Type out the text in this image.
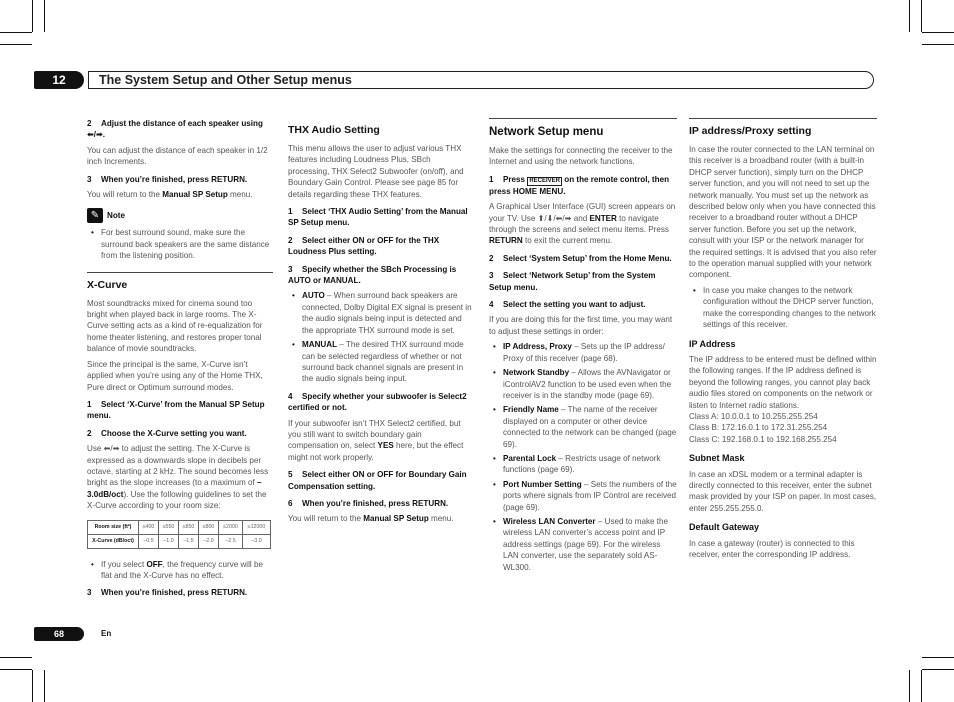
12	The System Setup and Other Setup menus

2 Adjust the distance of each speaker using ⬅/➡.

You can adjust the distance of each speaker in 1/2 inch Increments.

3 When you’re finished, press RETURN.

You will return to the Manual SP Setup menu.

✎ Note
• For best surround sound, make sure the surround back speakers are the same distance from the listening position.

X-Curve

Most soundtracks mixed for cinema sound too bright when played back in large rooms. The X-Curve setting acts as a kind of re-equalization for home theater listening, and restores proper tonal balance of movie soundtracks.

Since the principal is the same, X-Curve isn’t applied when you’re using any of the Home THX, Pure direct or Optimum surround modes.

1 Select ‘X-Curve’ from the Manual SP Setup menu.

2 Choose the X-Curve setting you want.

Use ⬅/➡ to adjust the setting. The X-Curve is expressed as a downwards slope in decibels per octave, starting at 2 kHz. The sound becomes less bright as the slope increases (to a maximum of –3.0dB/oct). Use the following guidelines to set the X-Curve according to your room size:

Room size (ft²)	≤400	≤550	≤850	≤800	≤2000	≤12000
X-Curve (dB/oct)	–0.5	–1.0	–1.5	–2.0	–2.5	–3.0
• If you select OFF, the frequency curve will be flat and the X-Curve has no effect.

3 When you’re finished, press RETURN.

THX Audio Setting

This menu allows the user to adjust various THX features including Loudness Plus, SBch processing, THX Select2 Subwoofer (on/off), and Boundary Gain Control. Please see page 85 for details regarding these THX features.

1 Select ‘THX Audio Setting’ from the Manual SP Setup menu.

2 Select either ON or OFF for the THX Loudness Plus setting.

3 Specify whether the SBch Processing is AUTO or MANUAL.

• AUTO – When surround back speakers are connected, Dolby Digital EX signal is present in the audio signals being input is detected and the appropriate THX surround mode is set.
• MANUAL – The desired THX surround mode can be selected regardless of whether or not surround back channel signals are present in the audio signals being input.

4 Specify whether your subwoofer is Select2 certified or not.

If your subwoofer isn’t THX Select2 certified, but you still want to switch boundary gain compensation on, select YES here, but the effect might not work properly.

5 Select either ON or OFF for Boundary Gain Compensation setting.

6 When you’re finished, press RETURN.

You will return to the Manual SP Setup menu.

Network Setup menu

Make the settings for connecting the receiver to the Internet and using the network functions.

1 Press RECEIVER on the remote control, then press HOME MENU.

A Graphical User Interface (GUI) screen appears on your TV. Use ⬆/⬇/⬅/➡ and ENTER to navigate through the screens and select menu items. Press RETURN to exit the current menu.

2 Select ‘System Setup’ from the Home Menu.

3 Select ‘Network Setup’ from the System Setup menu.

4 Select the setting you want to adjust.

If you are doing this for the first time, you may want to adjust these settings in order:

• IP Address, Proxy – Sets up the IP address/ Proxy of this receiver (page 68).
• Network Standby – Allows the AVNavigator or iControlAV2 function to be used even when the receiver is in the standby mode (page 69).
• Friendly Name – The name of the receiver displayed on a computer or other device connected to the network can be changed (page 69).
• Parental Lock – Restricts usage of network functions (page 69).
• Port Number Setting – Sets the numbers of the ports where signals from IP Control are received (page 69).
• Wireless LAN Converter – Used to make the wireless LAN converter’s access point and IP address settings (page 69). For the wireless LAN converter, use the separately sold AS-WL300.

IP address/Proxy setting

In case the router connected to the LAN terminal on this receiver is a broadband router (with a built-in DHCP server function), simply turn on the DHCP server function, and you will not need to set up the network manually. You must set up the network as described below only when you have connected this receiver to a broadband router without a DHCP server function. Before you set up the network, consult with your ISP or the network manager for the required settings. It is advised that you also refer to the operation manual supplied with your network component.

• In case you make changes to the network configuration without the DHCP server function, make the corresponding changes to the network settings of this receiver.

IP Address

The IP address to be entered must be defined within the following ranges. If the IP address defined is beyond the following ranges, you cannot play back audio files stored on components on the network or listen to Internet radio stations.

Class A: 10.0.0.1 to 10.255.255.254

Class B: 172.16.0.1 to 172.31.255.254

Class C: 192.168.0.1 to 192.168.255.254

Subnet Mask

In case an xDSL modem or a terminal adapter is directly connected to this receiver, enter the subnet mask provided by your ISP on paper. In most cases, enter 255.255.255.0.

Default Gateway

In case a gateway (router) is connected to this receiver, enter the corresponding IP address.

68	En
